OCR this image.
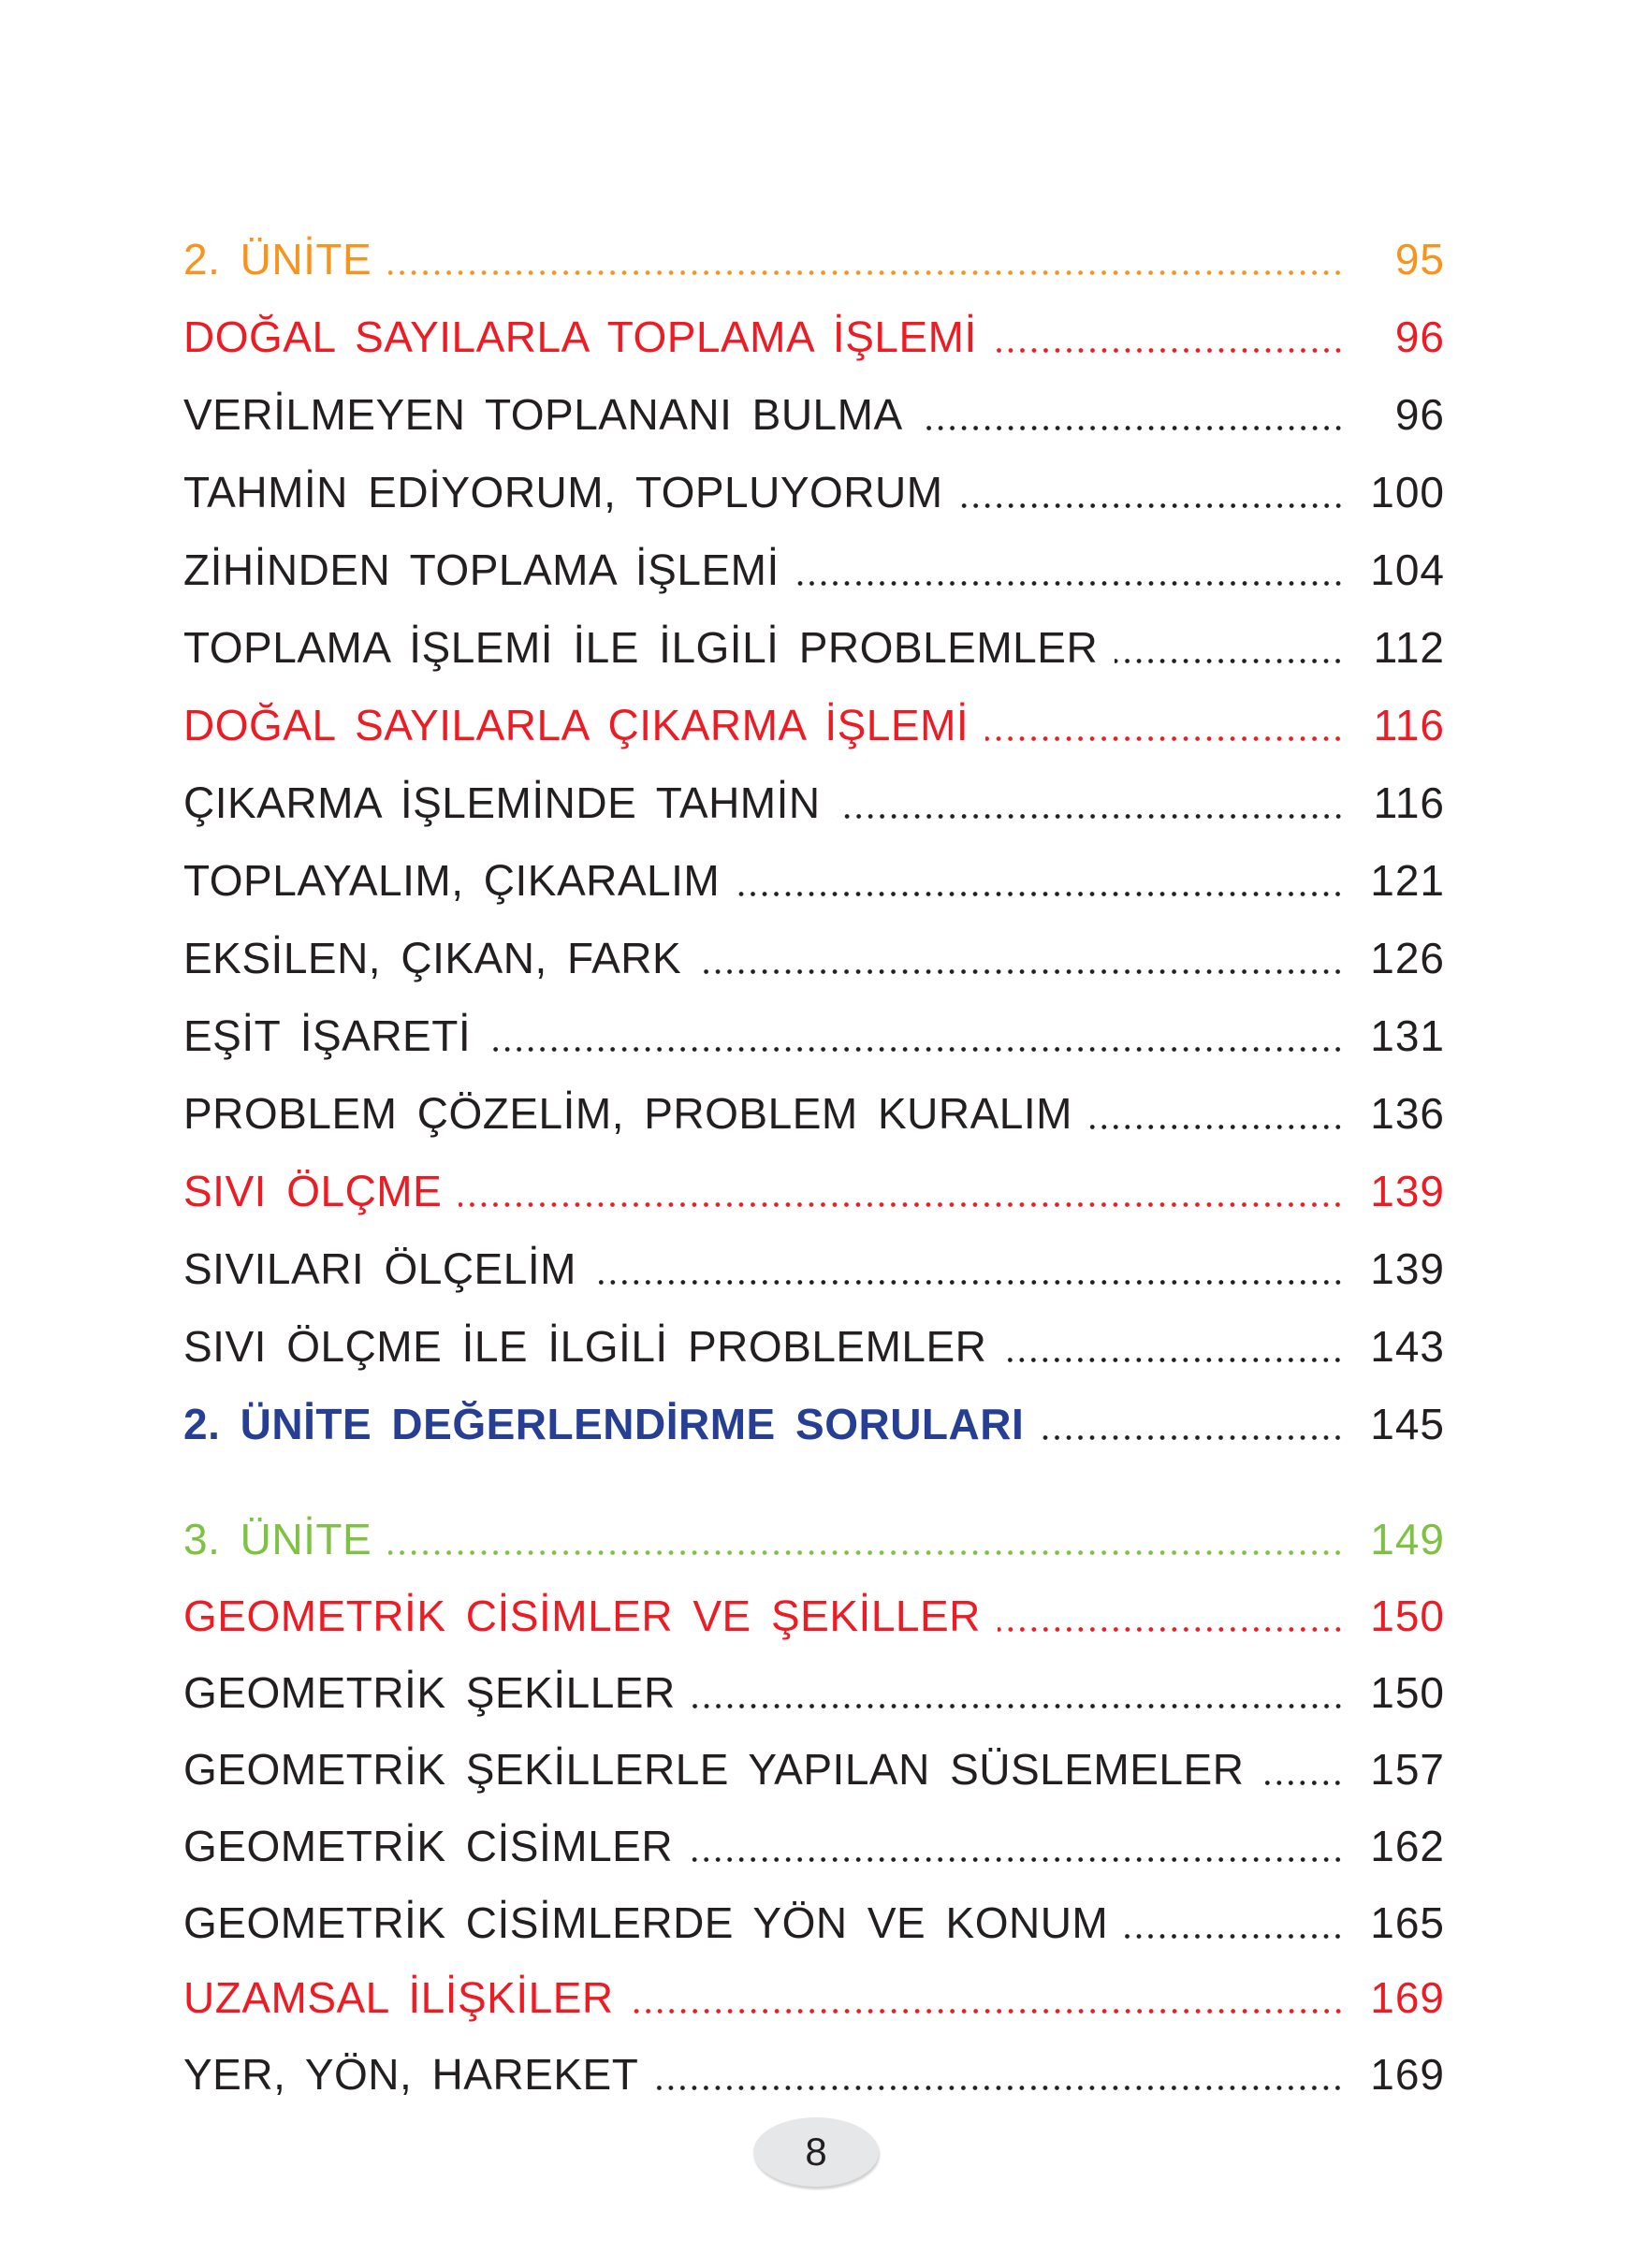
2. ÜNİTE	95
DOĞAL SAYILARLA TOPLAMA İŞLEMİ	96
VERİLMEYEN TOPLANANI BULMA	96
TAHMİN EDİYORUM, TOPLUYORUM	100
ZİHİNDEN TOPLAMA İŞLEMİ	104
TOPLAMA İŞLEMİ İLE İLGİLİ PROBLEMLER	112
DOĞAL SAYILARLA ÇIKARMA İŞLEMİ	116
ÇIKARMA İŞLEMİNDE TAHMİN	116
TOPLAYALIM, ÇIKARALIM	121
EKSİLEN, ÇIKAN, FARK	126
EŞİT İŞARETİ	131
PROBLEM ÇÖZELİM, PROBLEM KURALIM	136
SIVI ÖLÇME	139
SIVILARI ÖLÇELİM	139
SIVI ÖLÇME İLE İLGİLİ PROBLEMLER	143
2. ÜNİTE DEĞERLENDİRME SORULARI	145
3. ÜNİTE	149
GEOMETRİK CİSİMLER VE ŞEKİLLER	150
GEOMETRİK ŞEKİLLER	150
GEOMETRİK ŞEKİLLERLE YAPILAN SÜSLEMELER	157
GEOMETRİK CİSİMLER	162
GEOMETRİK CİSİMLERDE YÖN VE KONUM	165
UZAMSAL İLİŞKİLER	169
YER, YÖN, HAREKET	169
8
